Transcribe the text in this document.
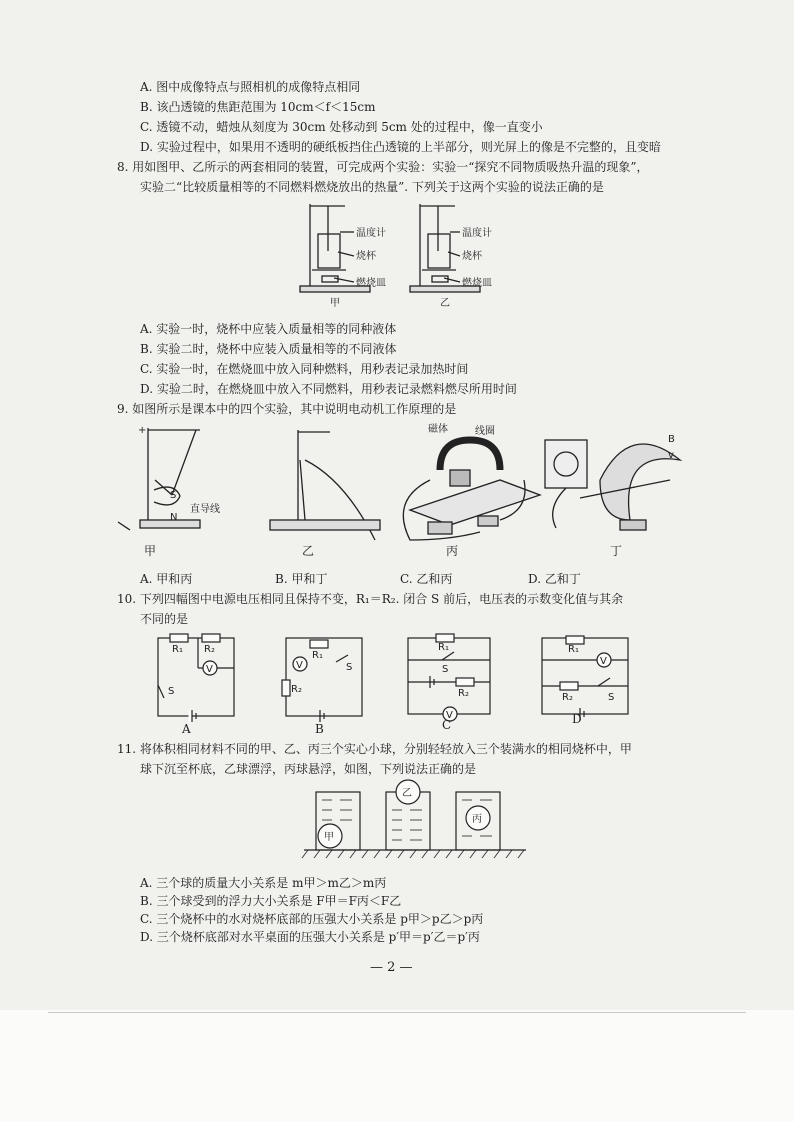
A. 图中成像特点与照相机的成像特点相同
B. 该凸透镜的焦距范围为 10cm＜f＜15cm
C. 透镜不动，蜡烛从刻度为 30cm 处移动到 5cm 处的过程中，像一直变小
D. 实验过程中，如果用不透明的硬纸板挡住凸透镜的上半部分，则光屏上的像是不完整的，且变暗
8. 用如图甲、乙所示的两套相同的装置，可完成两个实验：实验一“探究不同物质吸热升温的现象”，
实验二“比较质量相等的不同燃料燃烧放出的热量”. 下列关于这两个实验的说法正确的是
温度计
烧杯
燃烧皿
温度计
烧杯
燃烧皿
甲	乙
A. 实验一时，烧杯中应装入质量相等的同种液体
B. 实验二时，烧杯中应装入质量相等的不同液体
C. 实验一时，在燃烧皿中放入同种燃料，用秒表记录加热时间
D. 实验二时，在燃烧皿中放入不同燃料，用秒表记录燃料燃尽所用时间
9. 如图所示是课本中的四个实验，其中说明电动机工作原理的是
+
S
N
直导线
磁体	线圈
B
v
甲	乙	丙	丁
A. 甲和丙	B. 甲和丁	C. 乙和丙	D. 乙和丁
10. 下列四幅图中电源电压相同且保持不变，R₁＝R₂. 闭合 S 前后，电压表的示数变化值与其余
不同的是
R₁ R₂
V
S
R₁
V	S
R₂
R₁
S
R₂
V
R₁
V
R₂	S
A	B	C	D
11. 将体积相同材料不同的甲、乙、丙三个实心小球，分别轻轻放入三个装满水的相同烧杯中，甲
球下沉至杯底，乙球漂浮，丙球悬浮，如图，下列说法正确的是
甲
乙
丙
A. 三个球的质量大小关系是 m甲＞m乙＞m丙
B. 三个球受到的浮力大小关系是 F甲＝F丙＜F乙
C. 三个烧杯中的水对烧杯底部的压强大小关系是 p甲＞p乙＞p丙
D. 三个烧杯底部对水平桌面的压强大小关系是 p′甲＝p′乙＝p′丙
— 2 —
